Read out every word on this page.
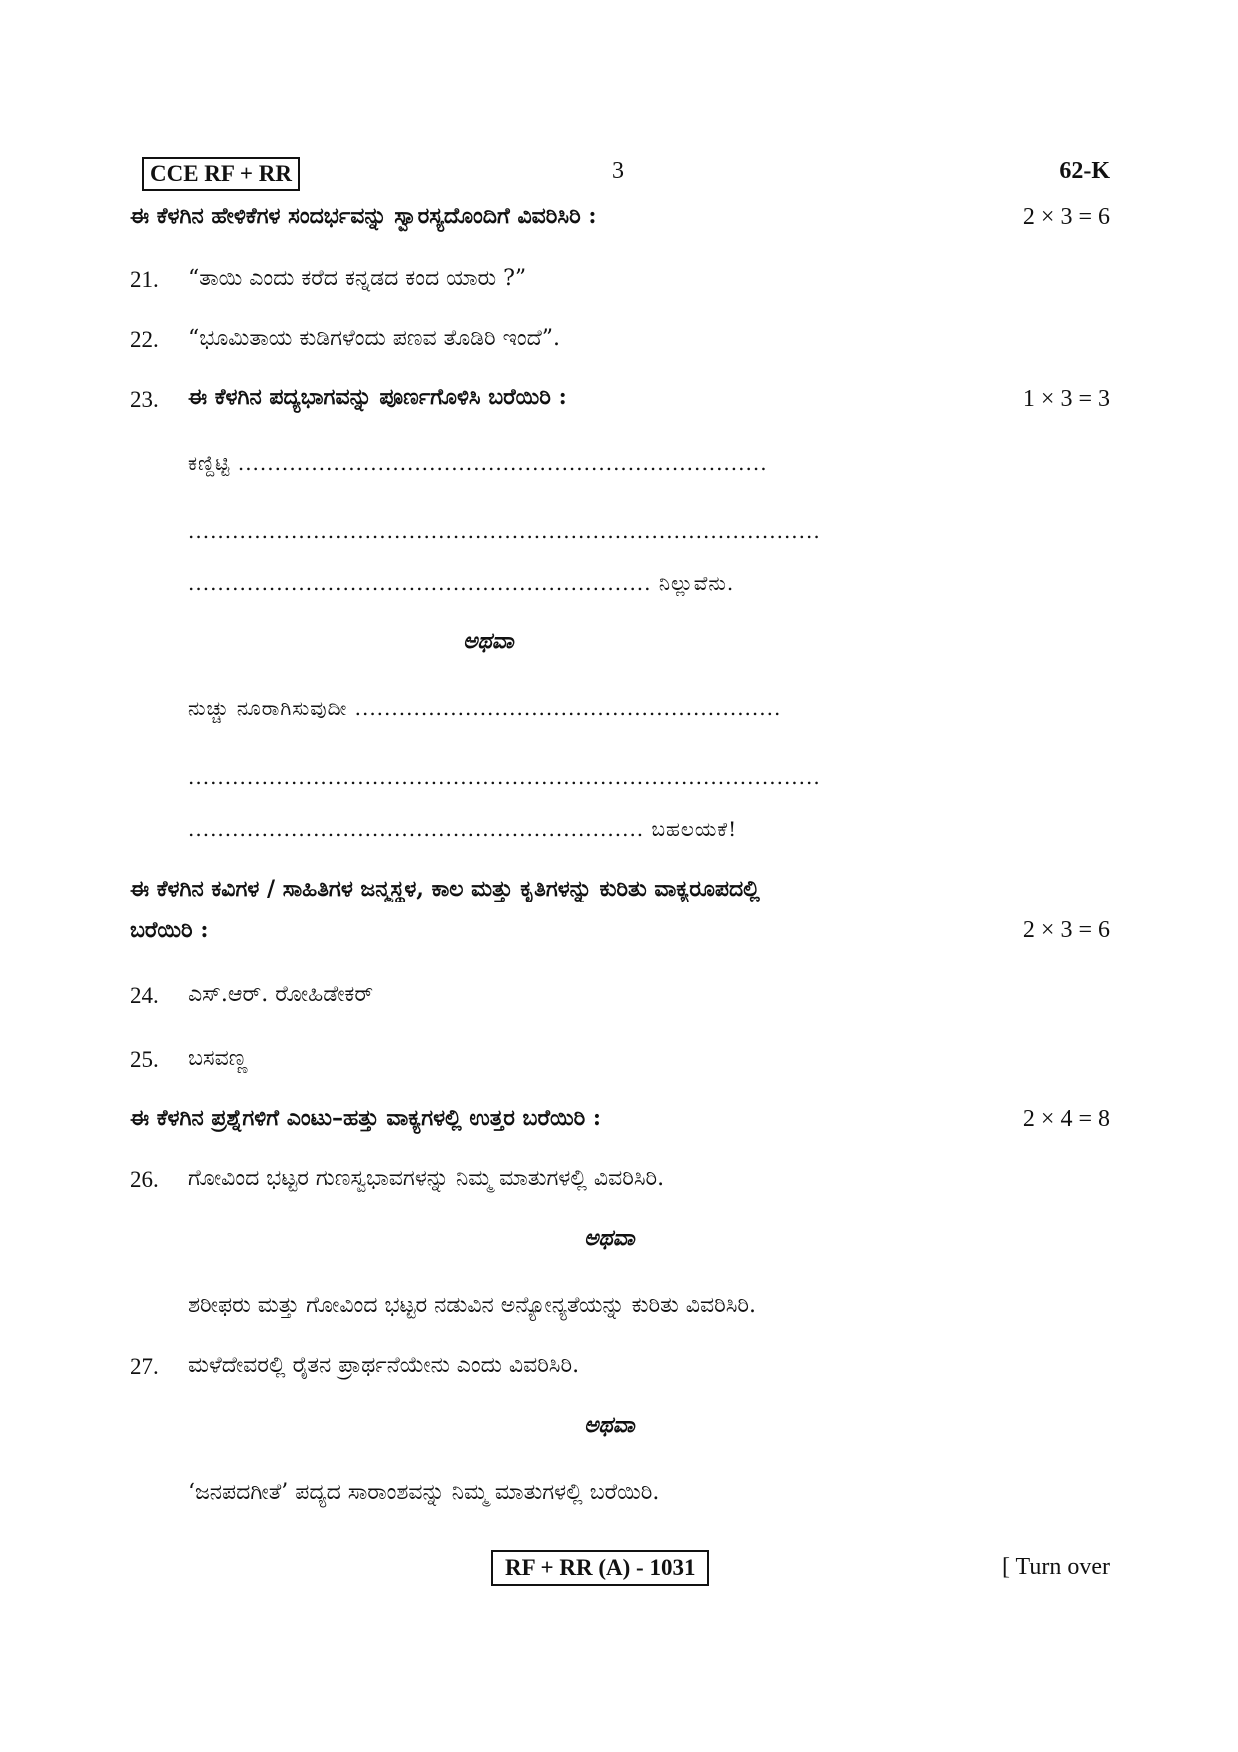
CCE RF + RR	3	62-K
ಈ ಕೆಳಗಿನ ಹೇಳಿಕೆಗಳ ಸಂದರ್ಭವನ್ನು ಸ್ವಾರಸ್ಯದೊಂದಿಗೆ ವಿವರಿಸಿರಿ :	2 × 3 = 6
21. “ತಾಯಿ ಎಂದು ಕರೆದ ಕನ್ನಡದ ಕಂದ ಯಾರು ?”
22. “ಭೂಮಿತಾಯ ಕುಡಿಗಳೆಂದು ಪಣವ ತೊಡಿರಿ ಇಂದೆ”.
23. ಈ ಕೆಳಗಿನ ಪದ್ಯಭಾಗವನ್ನು ಪೂರ್ಣಗೊಳಿಸಿ ಬರೆಯಿರಿ :	1 × 3 = 3
ಕಣ್ದಿಟ್ಟಿ ........................................................................
......................................................................................
............................................................... ನಿಲ್ಲುವೆನು.
ಅಥವಾ
ನುಚ್ಚು ನೂರಾಗಿಸುವುದೀ ..........................................................
......................................................................................
.............................................................. ಬಹಲಯಕೆ!
ಈ ಕೆಳಗಿನ ಕವಿಗಳ / ಸಾಹಿತಿಗಳ ಜನ್ಮಸ್ಥಳ, ಕಾಲ ಮತ್ತು ಕೃತಿಗಳನ್ನು ಕುರಿತು ವಾಕ್ಯರೂಪದಲ್ಲಿ
ಬರೆಯಿರಿ :	2 × 3 = 6
24. ಎಸ್.ಆರ್. ರೋಹಿಡೇಕರ್
25. ಬಸವಣ್ಣ
ಈ ಕೆಳಗಿನ ಪ್ರಶ್ನೆಗಳಿಗೆ ಎಂಟು–ಹತ್ತು ವಾಕ್ಯಗಳಲ್ಲಿ ಉತ್ತರ ಬರೆಯಿರಿ :	2 × 4 = 8
26. ಗೋವಿಂದ ಭಟ್ಟರ ಗುಣಸ್ವಭಾವಗಳನ್ನು ನಿಮ್ಮ ಮಾತುಗಳಲ್ಲಿ ವಿವರಿಸಿರಿ.
ಅಥವಾ
ಶರೀಫರು ಮತ್ತು ಗೋವಿಂದ ಭಟ್ಟರ ನಡುವಿನ ಅನ್ಯೋನ್ಯತೆಯನ್ನು ಕುರಿತು ವಿವರಿಸಿರಿ.
27. ಮಳೆದೇವರಲ್ಲಿ ರೈತನ ಪ್ರಾರ್ಥನೆಯೇನು ಎಂದು ವಿವರಿಸಿರಿ.
ಅಥವಾ
‘ಜನಪದಗೀತೆ’ ಪದ್ಯದ ಸಾರಾಂಶವನ್ನು ನಿಮ್ಮ ಮಾತುಗಳಲ್ಲಿ ಬರೆಯಿರಿ.
RF + RR (A) - 1031	[ Turn over
